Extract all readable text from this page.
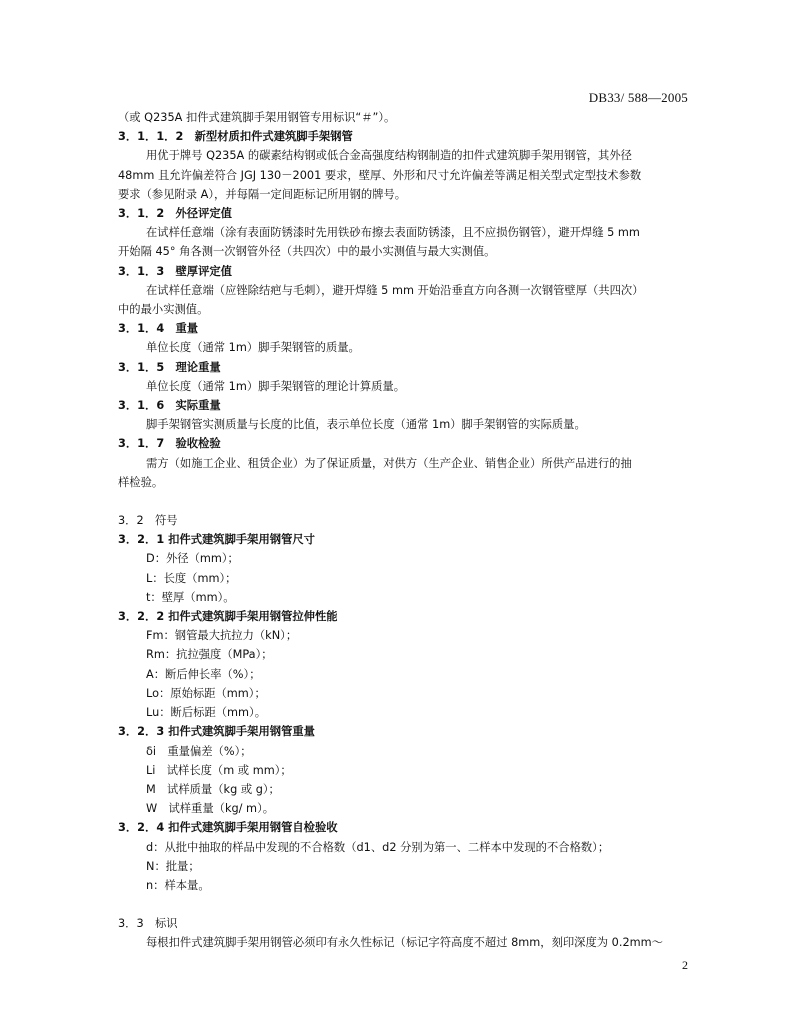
DB33/ 588—2005
（或 Q235A 扣件式建筑脚手架用钢管专用标识“＃”）。
3．1．1．2　新型材质扣件式建筑脚手架钢管
用优于牌号 Q235A 的碳素结构钢或低合金高强度结构钢制造的扣件式建筑脚手架用钢管，其外径
48mm 且允许偏差符合 JGJ 130－2001 要求，壁厚、外形和尺寸允许偏差等满足相关型式定型技术参数
要求（参见附录 A），并每隔一定间距标记所用钢的牌号。
3．1．2　外径评定值
在试样任意端（涂有表面防锈漆时先用铁砂布擦去表面防锈漆，且不应损伤钢管），避开焊缝 5 mm
开始隔 45° 角各测一次钢管外径（共四次）中的最小实测值与最大实测值。
3．1．3　壁厚评定值
在试样任意端（应锉除结疤与毛刺），避开焊缝 5 mm 开始沿垂直方向各测一次钢管壁厚（共四次）
中的最小实测值。
3．1．4　重量
单位长度（通常 1m）脚手架钢管的质量。
3．1．5　理论重量
单位长度（通常 1m）脚手架钢管的理论计算质量。
3．1．6　实际重量
脚手架钢管实测质量与长度的比值，表示单位长度（通常 1m）脚手架钢管的实际质量。
3．1．7　验收检验
需方（如施工企业、租赁企业）为了保证质量，对供方（生产企业、销售企业）所供产品进行的抽
样检验。
3．2　符号
3．2．1 扣件式建筑脚手架用钢管尺寸
D：外径（mm）；
L：长度（mm）；
t：壁厚（mm）。
3．2．2 扣件式建筑脚手架用钢管拉伸性能
Fm：钢管最大抗拉力（kN）；
Rm：抗拉强度（MPa）；
A：断后伸长率（%）；
Lo：原始标距（mm）；
Lu：断后标距（mm）。
3．2．3 扣件式建筑脚手架用钢管重量
δi　重量偏差（%）；
Li　试样长度（m 或 mm）；
M　试样质量（kg 或 g）；
W　试样重量（kg/ m）。
3．2．4 扣件式建筑脚手架用钢管自检验收
d：从批中抽取的样品中发现的不合格数（d1、d2 分别为第一、二样本中发现的不合格数）；
N：批量；
n：样本量。
3．3　标识
每根扣件式建筑脚手架用钢管必须印有永久性标记（标记字符高度不超过 8mm，刻印深度为 0.2mm～
2
